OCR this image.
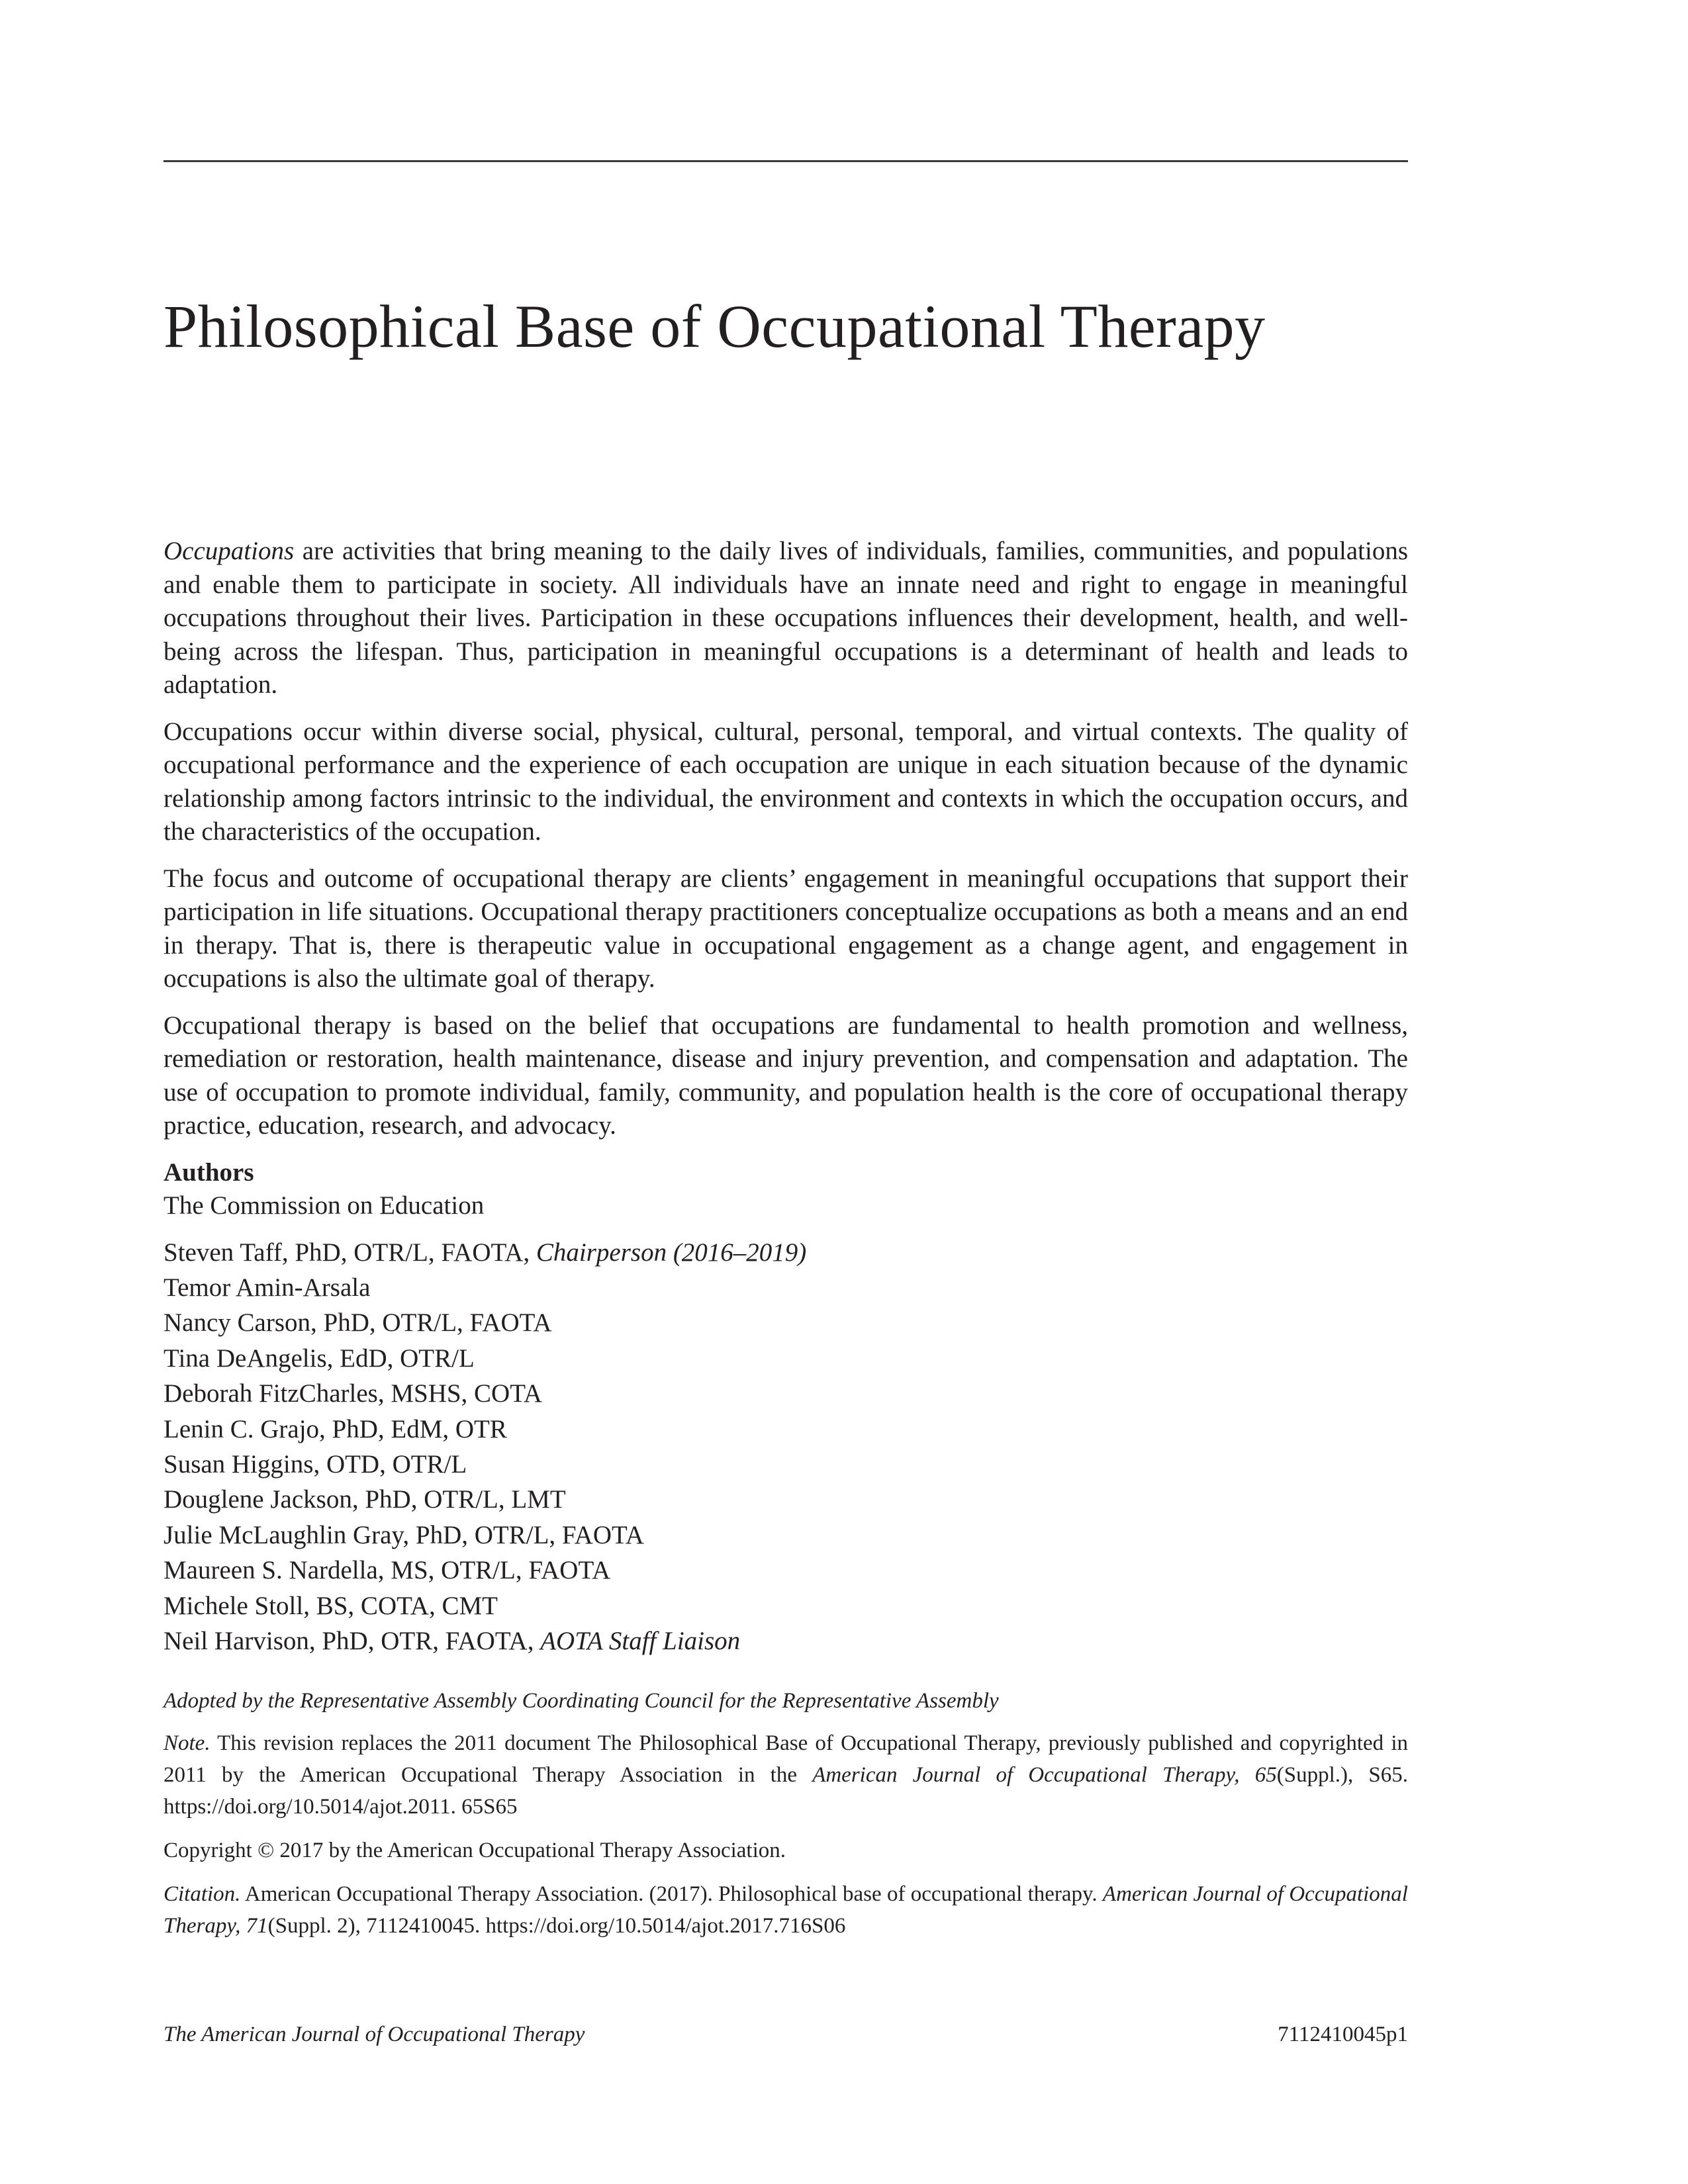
Philosophical Base of Occupational Therapy

Occupations are activities that bring meaning to the daily lives of individuals, families, communities, and populations and enable them to participate in society. All individuals have an innate need and right to engage in meaningful occupations throughout their lives. Participation in these occupations influences their development, health, and well-being across the lifespan. Thus, participation in meaningful occupations is a determinant of health and leads to adaptation.

Occupations occur within diverse social, physical, cultural, personal, temporal, and virtual contexts. The quality of occupational performance and the experience of each occupation are unique in each situation because of the dynamic relationship among factors intrinsic to the individual, the environment and contexts in which the occupation occurs, and the characteristics of the occupation.

The focus and outcome of occupational therapy are clients’ engagement in meaningful occupations that support their participation in life situations. Occupational therapy practitioners conceptualize occupations as both a means and an end in therapy. That is, there is therapeutic value in occupational engagement as a change agent, and engagement in occupations is also the ultimate goal of therapy.

Occupational therapy is based on the belief that occupations are fundamental to health promotion and wellness, remediation or restoration, health maintenance, disease and injury prevention, and compensation and adaptation. The use of occupation to promote individual, family, community, and population health is the core of occupational therapy practice, education, research, and advocacy.

Authors
The Commission on Education
Steven Taff, PhD, OTR/L, FAOTA, Chairperson (2016–2019)
Temor Amin-Arsala
Nancy Carson, PhD, OTR/L, FAOTA
Tina DeAngelis, EdD, OTR/L
Deborah FitzCharles, MSHS, COTA
Lenin C. Grajo, PhD, EdM, OTR
Susan Higgins, OTD, OTR/L
Douglene Jackson, PhD, OTR/L, LMT
Julie McLaughlin Gray, PhD, OTR/L, FAOTA
Maureen S. Nardella, MS, OTR/L, FAOTA
Michele Stoll, BS, COTA, CMT
Neil Harvison, PhD, OTR, FAOTA, AOTA Staff Liaison

Adopted by the Representative Assembly Coordinating Council for the Representative Assembly

Note. This revision replaces the 2011 document The Philosophical Base of Occupational Therapy, previously published and copyrighted in 2011 by the American Occupational Therapy Association in the American Journal of Occupational Therapy, 65(Suppl.), S65. https://doi.org/10.5014/ajot.2011. 65S65

Copyright © 2017 by the American Occupational Therapy Association.

Citation. American Occupational Therapy Association. (2017). Philosophical base of occupational therapy. American Journal of Occupational Therapy, 71(Suppl. 2), 7112410045. https://doi.org/10.5014/ajot.2017.716S06

The American Journal of Occupational Therapy	7112410045p1
